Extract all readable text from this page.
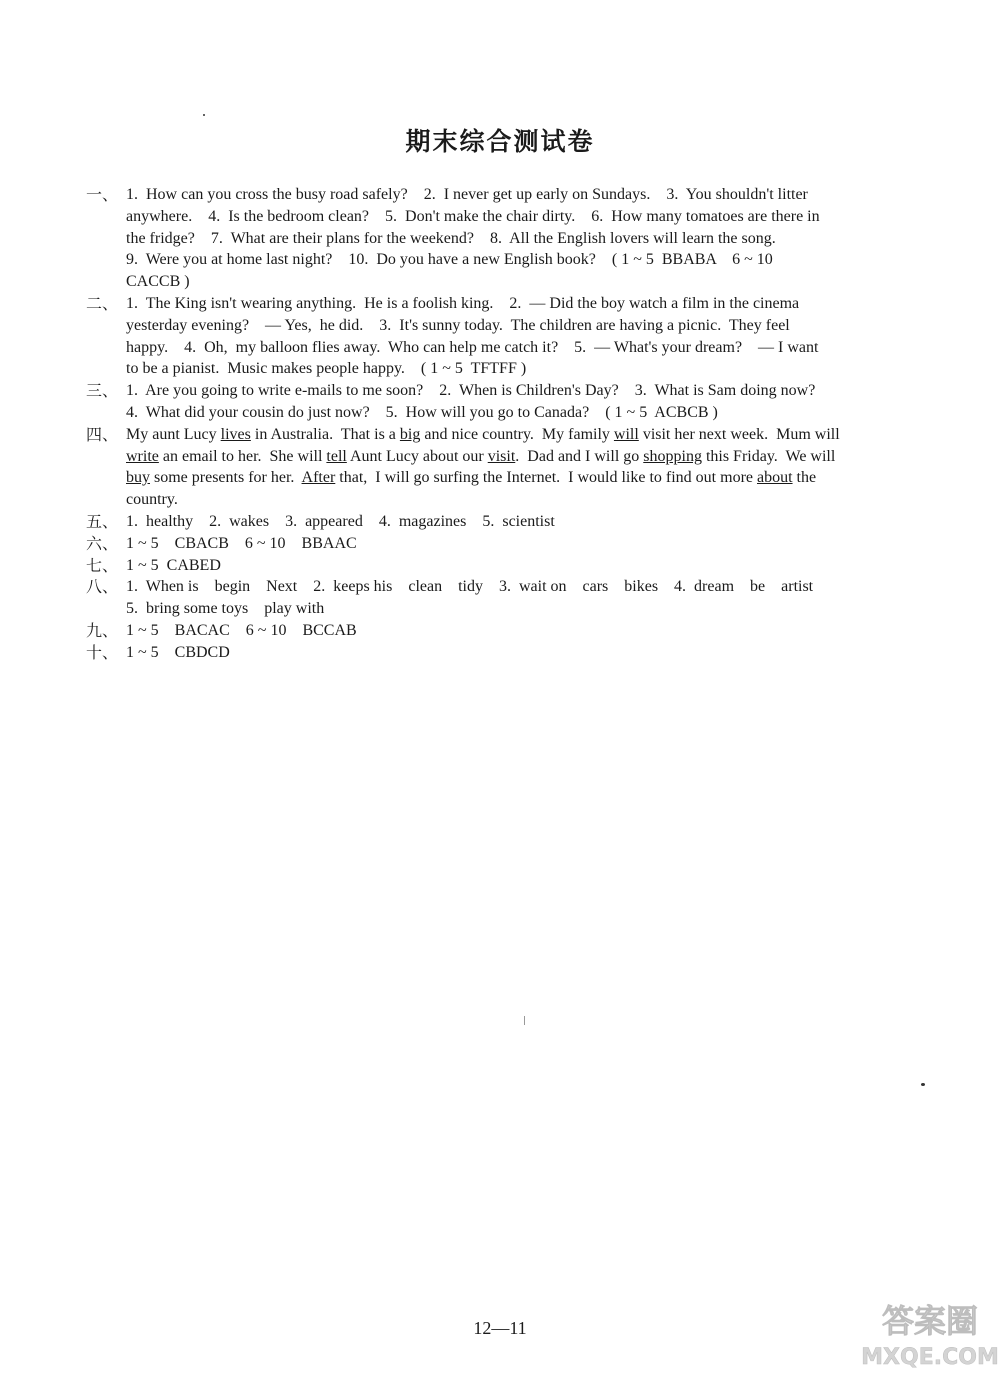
期末综合测试卷
一、 1.  How can you cross the busy road safely?    2.  I never get up early on Sundays.    3.  You shouldn't litter
anywhere.    4.  Is the bedroom clean?    5.  Don't make the chair dirty.    6.  How many tomatoes are there in
the fridge?    7.  What are their plans for the weekend?    8.  All the English lovers will learn the song.
9.  Were you at home last night?    10.  Do you have a new English book?    ( 1 ~ 5  BBABA    6 ~ 10
CACCB )
二、 1.  The King isn't wearing anything.  He is a foolish king.    2.  — Did the boy watch a film in the cinema
yesterday evening?    — Yes,  he did.    3.  It's sunny today.  The children are having a picnic.  They feel
happy.    4.  Oh,  my balloon flies away.  Who can help me catch it?    5.  — What's your dream?    — I want
to be a pianist.  Music makes people happy.    ( 1 ~ 5  TFTFF )
三、 1.  Are you going to write e-mails to me soon?    2.  When is Children's Day?    3.  What is Sam doing now?
4.  What did your cousin do just now?    5.  How will you go to Canada?    ( 1 ~ 5  ACBCB )
四、 My aunt Lucy lives in Australia.  That is a big and nice country.  My family will visit her next week.  Mum will
write an email to her.  She will tell Aunt Lucy about our visit.  Dad and I will go shopping this Friday.  We will
buy some presents for her.  After that,  I will go surfing the Internet.  I would like to find out more about the
country.
五、 1.  healthy    2.  wakes    3.  appeared    4.  magazines    5.  scientist
六、 1 ~ 5    CBACB    6 ~ 10    BBAAC
七、 1 ~ 5  CABED
八、 1.  When is    begin    Next    2.  keeps his    clean    tidy    3.  wait on    cars    bikes    4.  dream    be    artist
5.  bring some toys    play with
九、 1 ~ 5    BACAC    6 ~ 10    BCCAB
十、 1 ~ 5    CBDCD
12—11	答案圈
MXQE.COM
